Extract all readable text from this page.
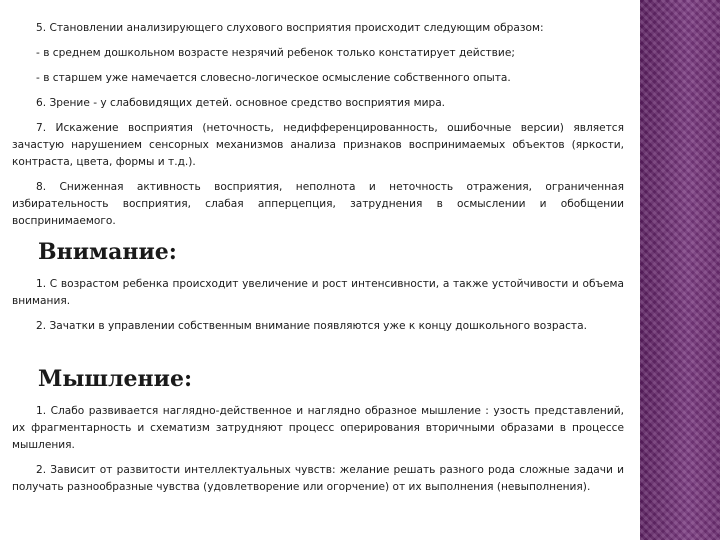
5. Становлении анализирующего слухового восприятия происходит следующим образом:

- в среднем дошкольном возрасте незрячий ребенок только констатирует действие;

- в старшем уже намечается словесно-логическое осмысление собственного опыта.

6. Зрение - у слабовидящих детей. основное средство восприятия мира.

7. Искажение восприятия (неточность, недифференцированность, ошибочные версии) является зачастую нарушением сенсорных механизмов анализа признаков воспринимаемых объектов (яркости, контраста, цвета, формы и т.д.).

8. Сниженная активность восприятия, неполнота и неточность отражения, ограниченная избирательность восприятия, слабая апперцепция, затруднения в осмыслении и обобщении воспринимаемого.

Внимание:

1. С возрастом ребенка происходит увеличение и рост интенсивности, а также устойчивости и объема внимания.

2. Зачатки в управлении собственным внимание появляются уже к концу дошкольного возраста.

Мышление:

1. Слабо развивается наглядно-действенное и наглядно образное мышление : узость представлений, их фрагментарность и схематизм затрудняют процесс оперирования вторичными образами в процессе мышления.

2. Зависит от развитости интеллектуальных чувств: желание решать разного рода сложные задачи и получать разнообразные чувства (удовлетворение или огорчение) от их выполнения (невыполнения).
